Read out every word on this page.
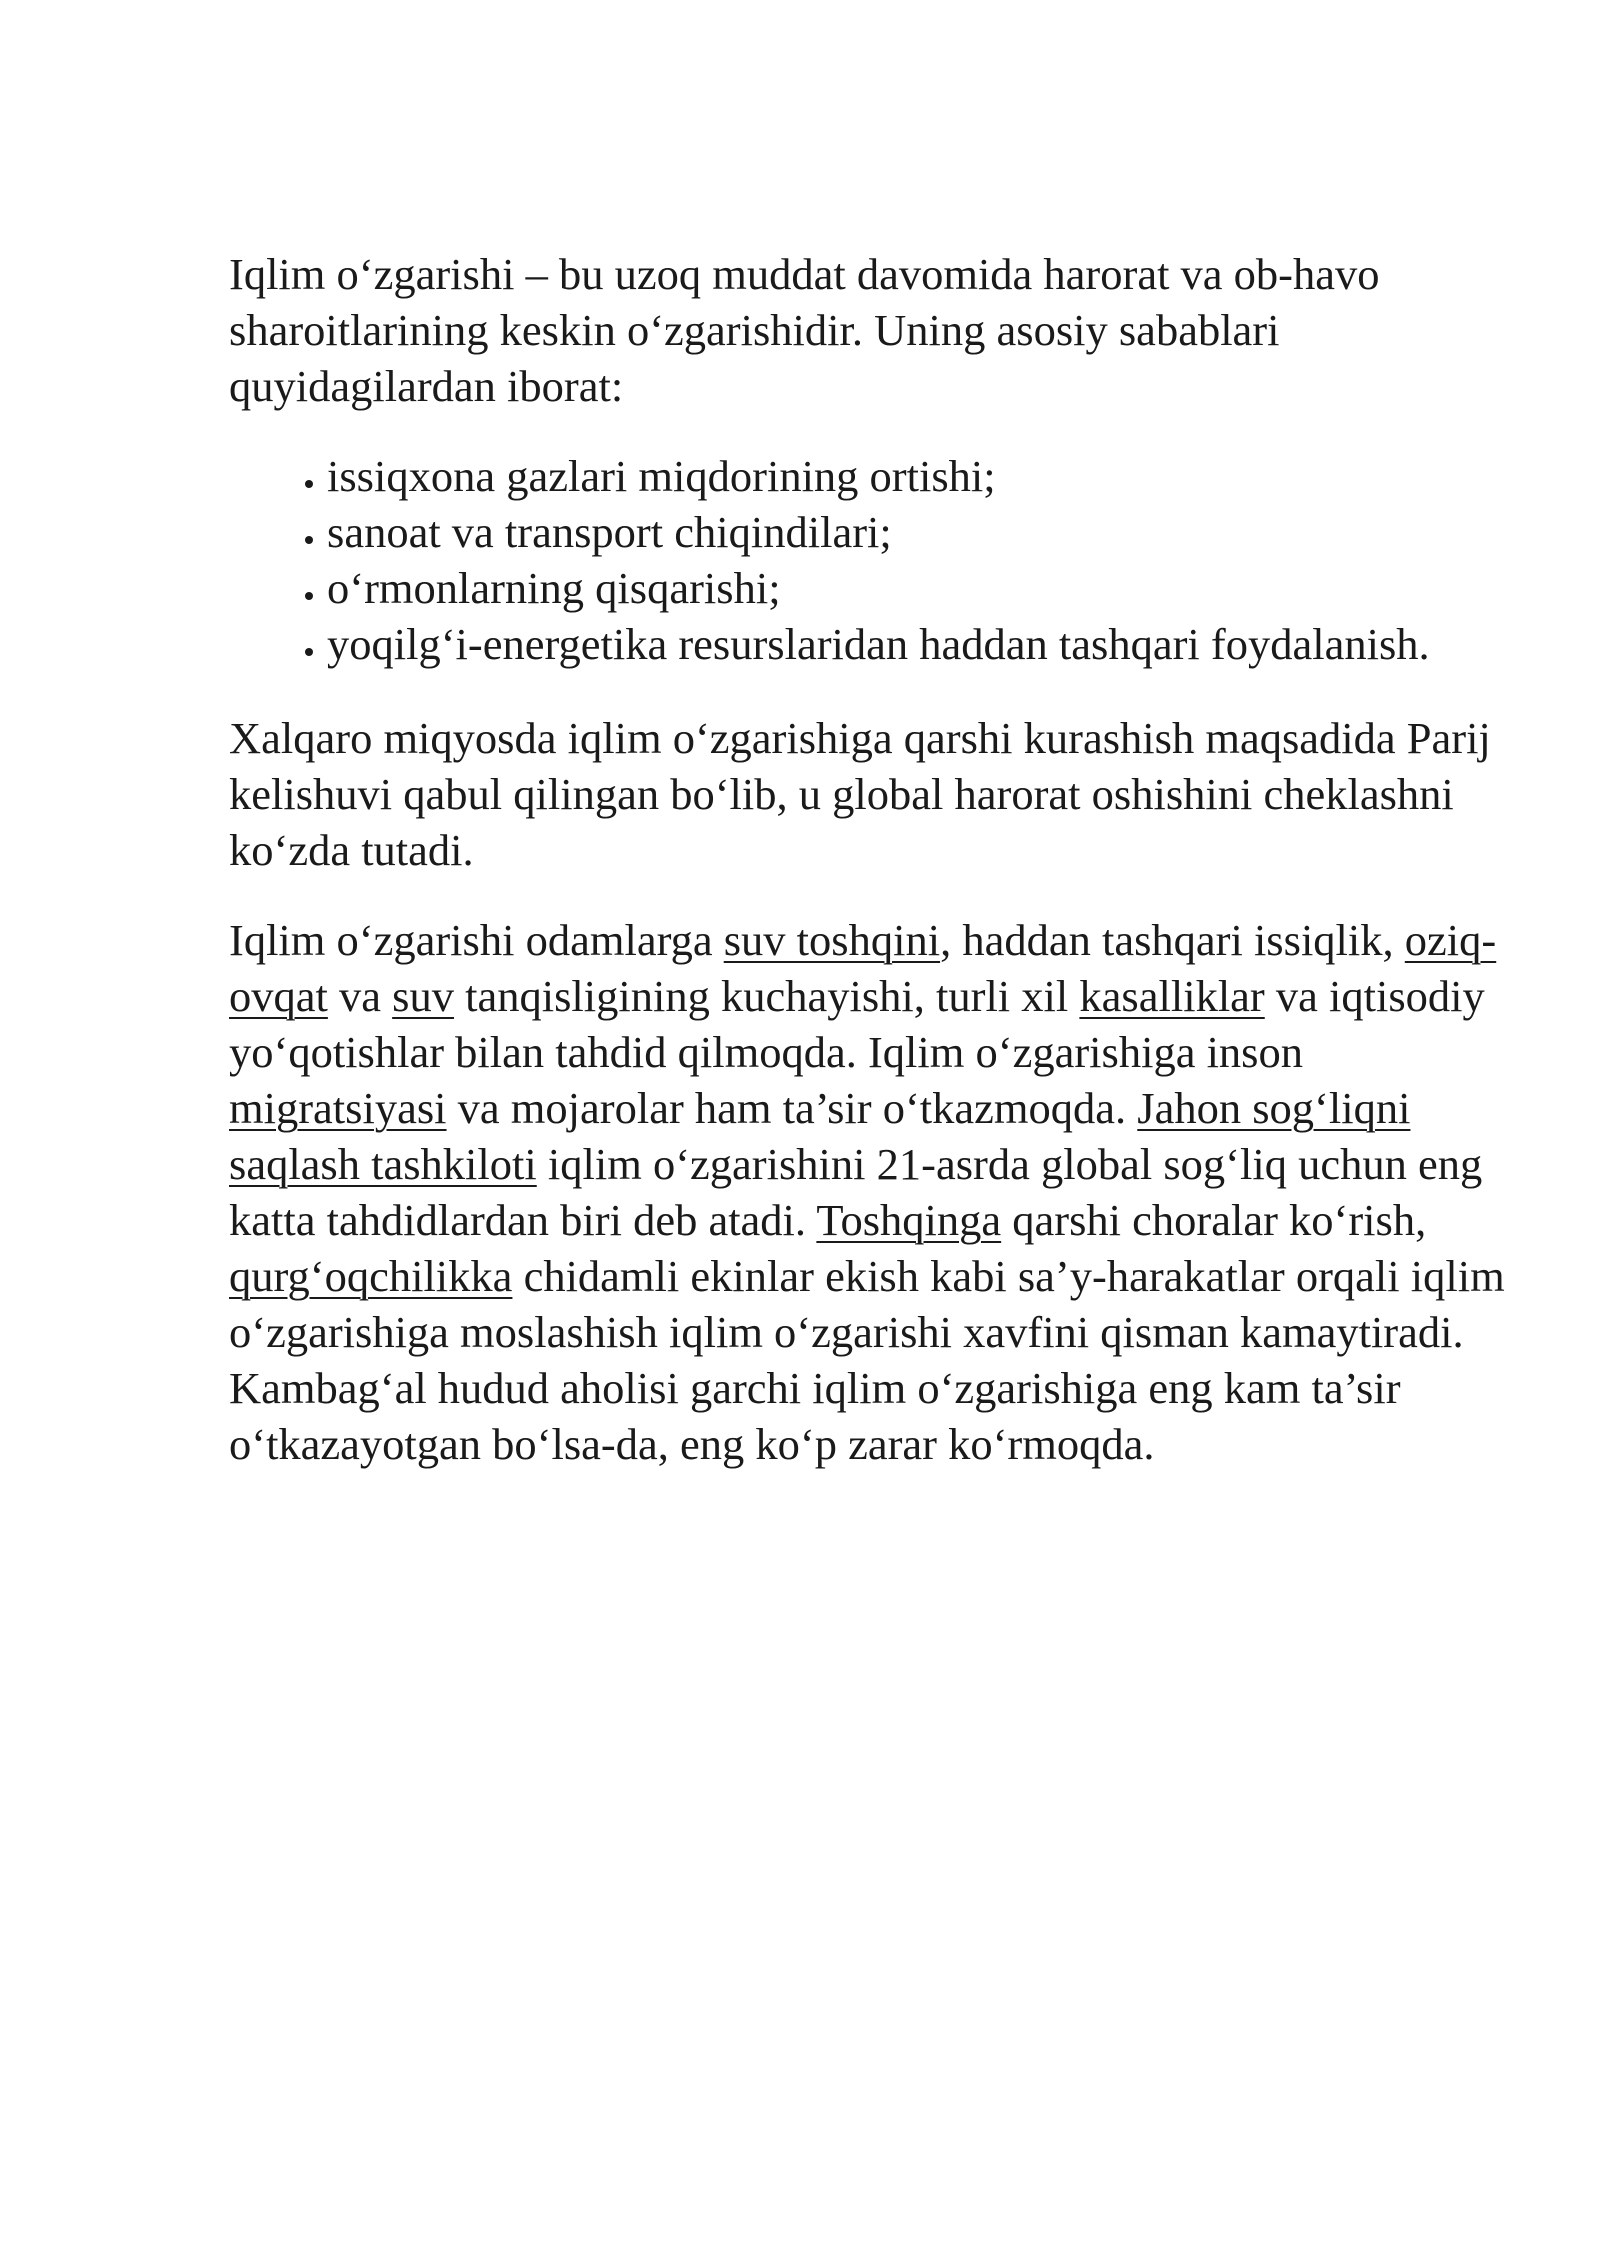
Iqlim o‘zgarishi – bu uzoq muddat davomida harorat va ob-havo sharoitlarining keskin o‘zgarishidir. Uning asosiy sabablari quyidagilardan iborat:

• issiqxona gazlari miqdorining ortishi;
• sanoat va transport chiqindilari;
• o‘rmonlarning qisqarishi;
• yoqilg‘i-energetika resurslaridan haddan tashqari foydalanish.

Xalqaro miqyosda iqlim o‘zgarishiga qarshi kurashish maqsadida Parij kelishuvi qabul qilingan bo‘lib, u global harorat oshishini cheklashni ko‘zda tutadi.

Iqlim o‘zgarishi odamlarga suv toshqini, haddan tashqari issiqlik, oziq-ovqat va suv tanqisligining kuchayishi, turli xil kasalliklar va iqtisodiy yo‘qotishlar bilan tahdid qilmoqda. Iqlim o‘zgarishiga inson migratsiyasi va mojarolar ham ta’sir o‘tkazmoqda. Jahon sog‘liqni saqlash tashkiloti iqlim o‘zgarishini 21-asrda global sog‘liq uchun eng katta tahdidlardan biri deb atadi. Toshqinga qarshi choralar ko‘rish, qurg‘oqchilikka chidamli ekinlar ekish kabi sa’y-harakatlar orqali iqlim o‘zgarishiga moslashish iqlim o‘zgarishi xavfini qisman kamaytiradi. Kambag‘al hudud aholisi garchi iqlim o‘zgarishiga eng kam ta’sir o‘tkazayotgan bo‘lsa-da, eng ko‘p zarar ko‘rmoqda.
